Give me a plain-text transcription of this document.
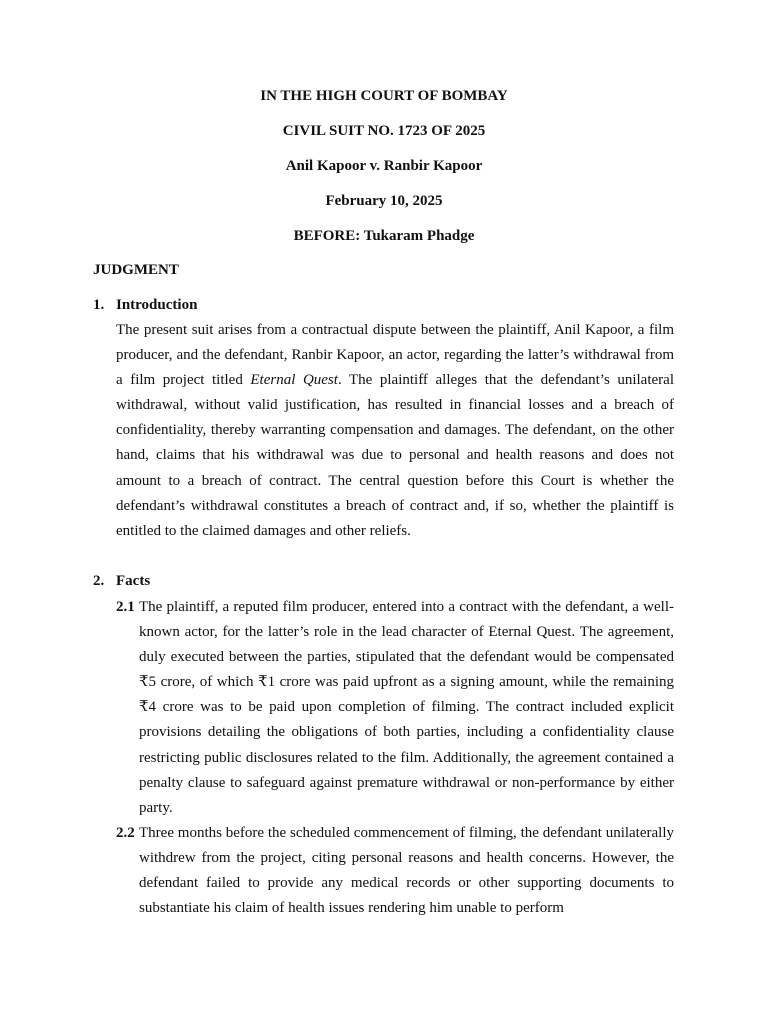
IN THE HIGH COURT OF BOMBAY
CIVIL SUIT NO. 1723 OF 2025
Anil Kapoor v. Ranbir Kapoor
February 10, 2025
BEFORE: Tukaram Phadge
JUDGMENT
1. Introduction

The present suit arises from a contractual dispute between the plaintiff, Anil Kapoor, a film producer, and the defendant, Ranbir Kapoor, an actor, regarding the latter’s withdrawal from a film project titled Eternal Quest. The plaintiff alleges that the defendant’s unilateral withdrawal, without valid justification, has resulted in financial losses and a breach of confidentiality, thereby warranting compensation and damages. The defendant, on the other hand, claims that his withdrawal was due to personal and health reasons and does not amount to a breach of contract. The central question before this Court is whether the defendant’s withdrawal constitutes a breach of contract and, if so, whether the plaintiff is entitled to the claimed damages and other reliefs.

2. Facts

2.1 The plaintiff, a reputed film producer, entered into a contract with the defendant, a well-known actor, for the latter’s role in the lead character of Eternal Quest. The agreement, duly executed between the parties, stipulated that the defendant would be compensated ₹5 crore, of which ₹1 crore was paid upfront as a signing amount, while the remaining ₹4 crore was to be paid upon completion of filming. The contract included explicit provisions detailing the obligations of both parties, including a confidentiality clause restricting public disclosures related to the film. Additionally, the agreement contained a penalty clause to safeguard against premature withdrawal or non-performance by either party.

2.2 Three months before the scheduled commencement of filming, the defendant unilaterally withdrew from the project, citing personal reasons and health concerns. However, the defendant failed to provide any medical records or other supporting documents to substantiate his claim of health issues rendering him unable to perform
